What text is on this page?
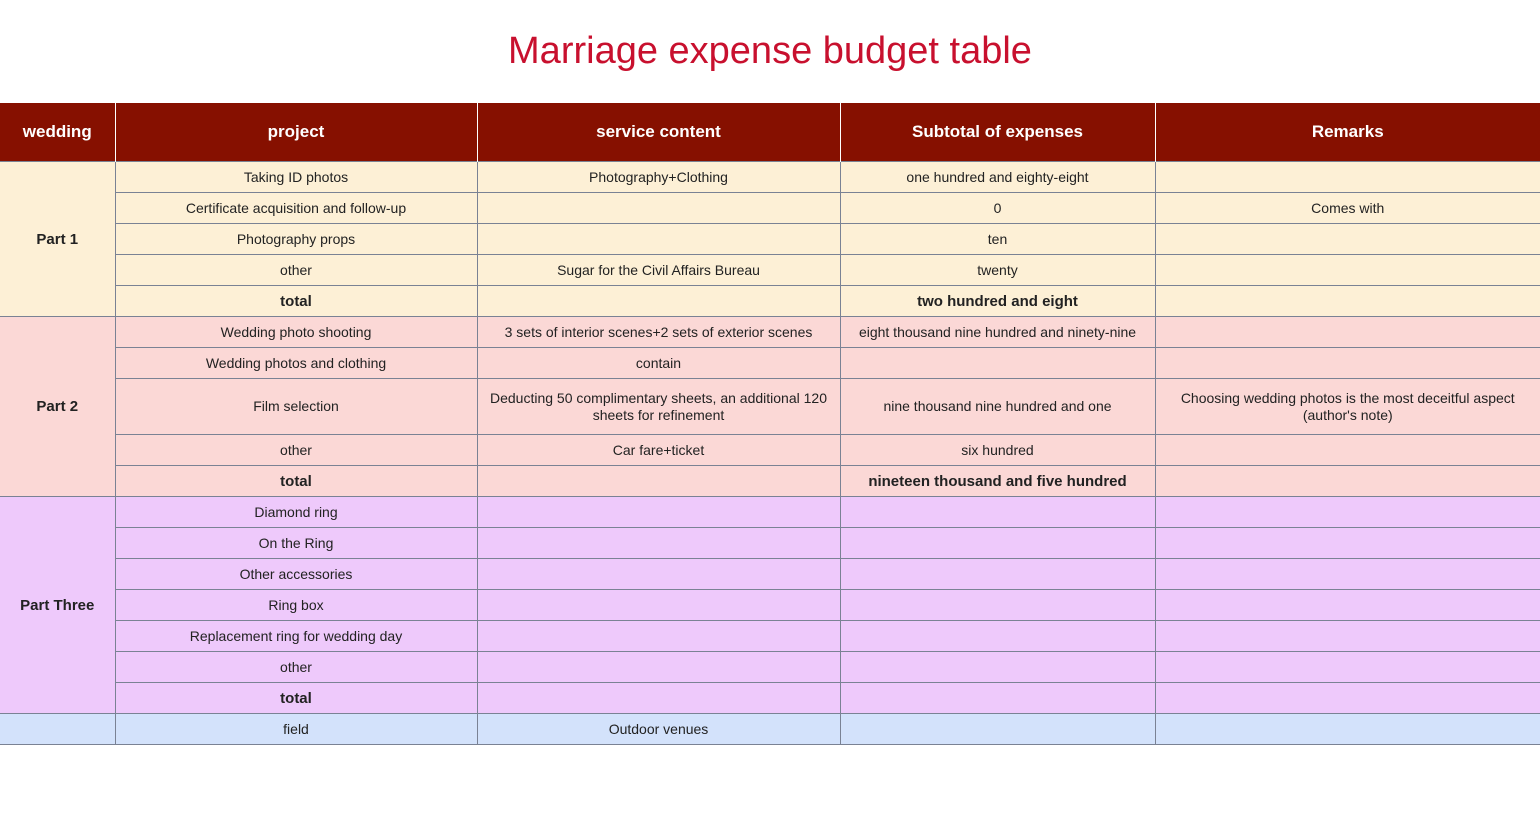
Marriage expense budget table
wedding	project	service content	Subtotal of expenses	Remarks
Part 1	Taking ID photos	Photography+Clothing	one hundred and eighty-eight	
	Certificate acquisition and follow-up		0	Comes with
	Photography props		ten	
	other	Sugar for the Civil Affairs Bureau	twenty	
	total		two hundred and eight	
Part 2	Wedding photo shooting	3 sets of interior scenes+2 sets of exterior scenes	eight thousand nine hundred and ninety-nine	
	Wedding photos and clothing	contain		
	Film selection	Deducting 50 complimentary sheets, an additional 120 sheets for refinement	nine thousand nine hundred and one	Choosing wedding photos is the most deceitful aspect (author's note)
	other	Car fare+ticket	six hundred	
	total		nineteen thousand and five hundred	
Part Three	Diamond ring			
	On the Ring			
	Other accessories			
	Ring box			
	Replacement ring for wedding day			
	other			
	total			
	field	Outdoor venues		
